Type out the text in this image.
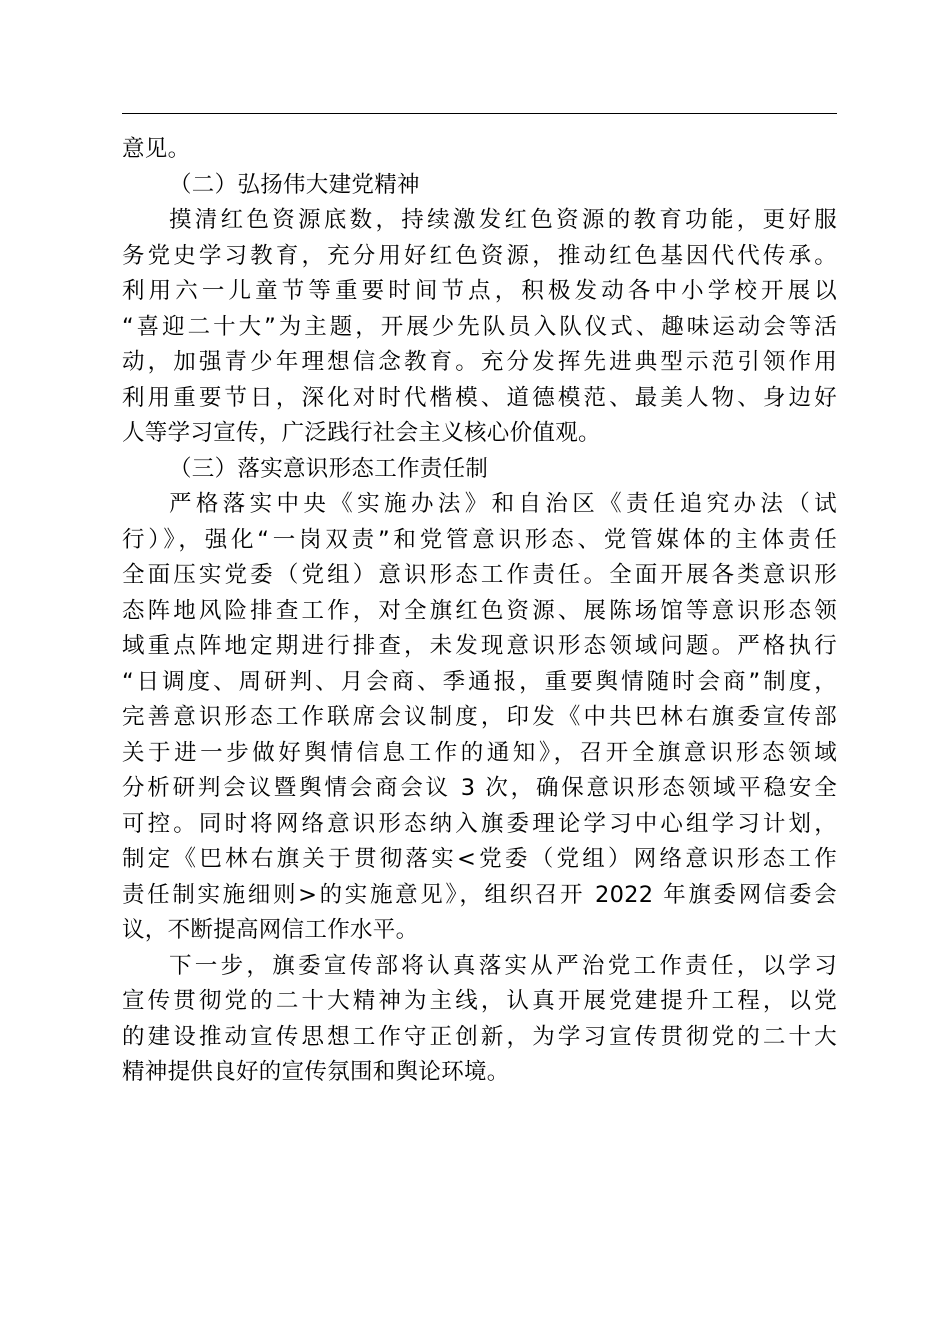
意见。
（二）弘扬伟大建党精神
摸清红色资源底数，持续激发红色资源的教育功能，更好服
务党史学习教育，充分用好红色资源，推动红色基因代代传承。
利用六一儿童节等重要时间节点，积极发动各中小学校开展以
“喜迎二十大”为主题，开展少先队员入队仪式、趣味运动会等活
动，加强青少年理想信念教育。充分发挥先进典型示范引领作用
利用重要节日，深化对时代楷模、道德模范、最美人物、身边好
人等学习宣传，广泛践行社会主义核心价值观。
（三）落实意识形态工作责任制
严格落实中央《实施办法》和自治区《责任追究办法（试
行）》，强化“一岗双责”和党管意识形态、党管媒体的主体责任
全面压实党委（党组）意识形态工作责任。全面开展各类意识形
态阵地风险排查工作，对全旗红色资源、展陈场馆等意识形态领
域重点阵地定期进行排查，未发现意识形态领域问题。严格执行
“日调度、周研判、月会商、季通报，重要舆情随时会商”制度，
完善意识形态工作联席会议制度，印发《中共巴林右旗委宣传部
关于进一步做好舆情信息工作的通知》，召开全旗意识形态领域
分析研判会议暨舆情会商会议 3 次，确保意识形态领域平稳安全
可控。同时将网络意识形态纳入旗委理论学习中心组学习计划，
制定《巴林右旗关于贯彻落实<党委（党组）网络意识形态工作
责任制实施细则>的实施意见》，组织召开 2022 年旗委网信委会
议，不断提高网信工作水平。
下一步，旗委宣传部将认真落实从严治党工作责任，以学习
宣传贯彻党的二十大精神为主线，认真开展党建提升工程，以党
的建设推动宣传思想工作守正创新，为学习宣传贯彻党的二十大
精神提供良好的宣传氛围和舆论环境。
